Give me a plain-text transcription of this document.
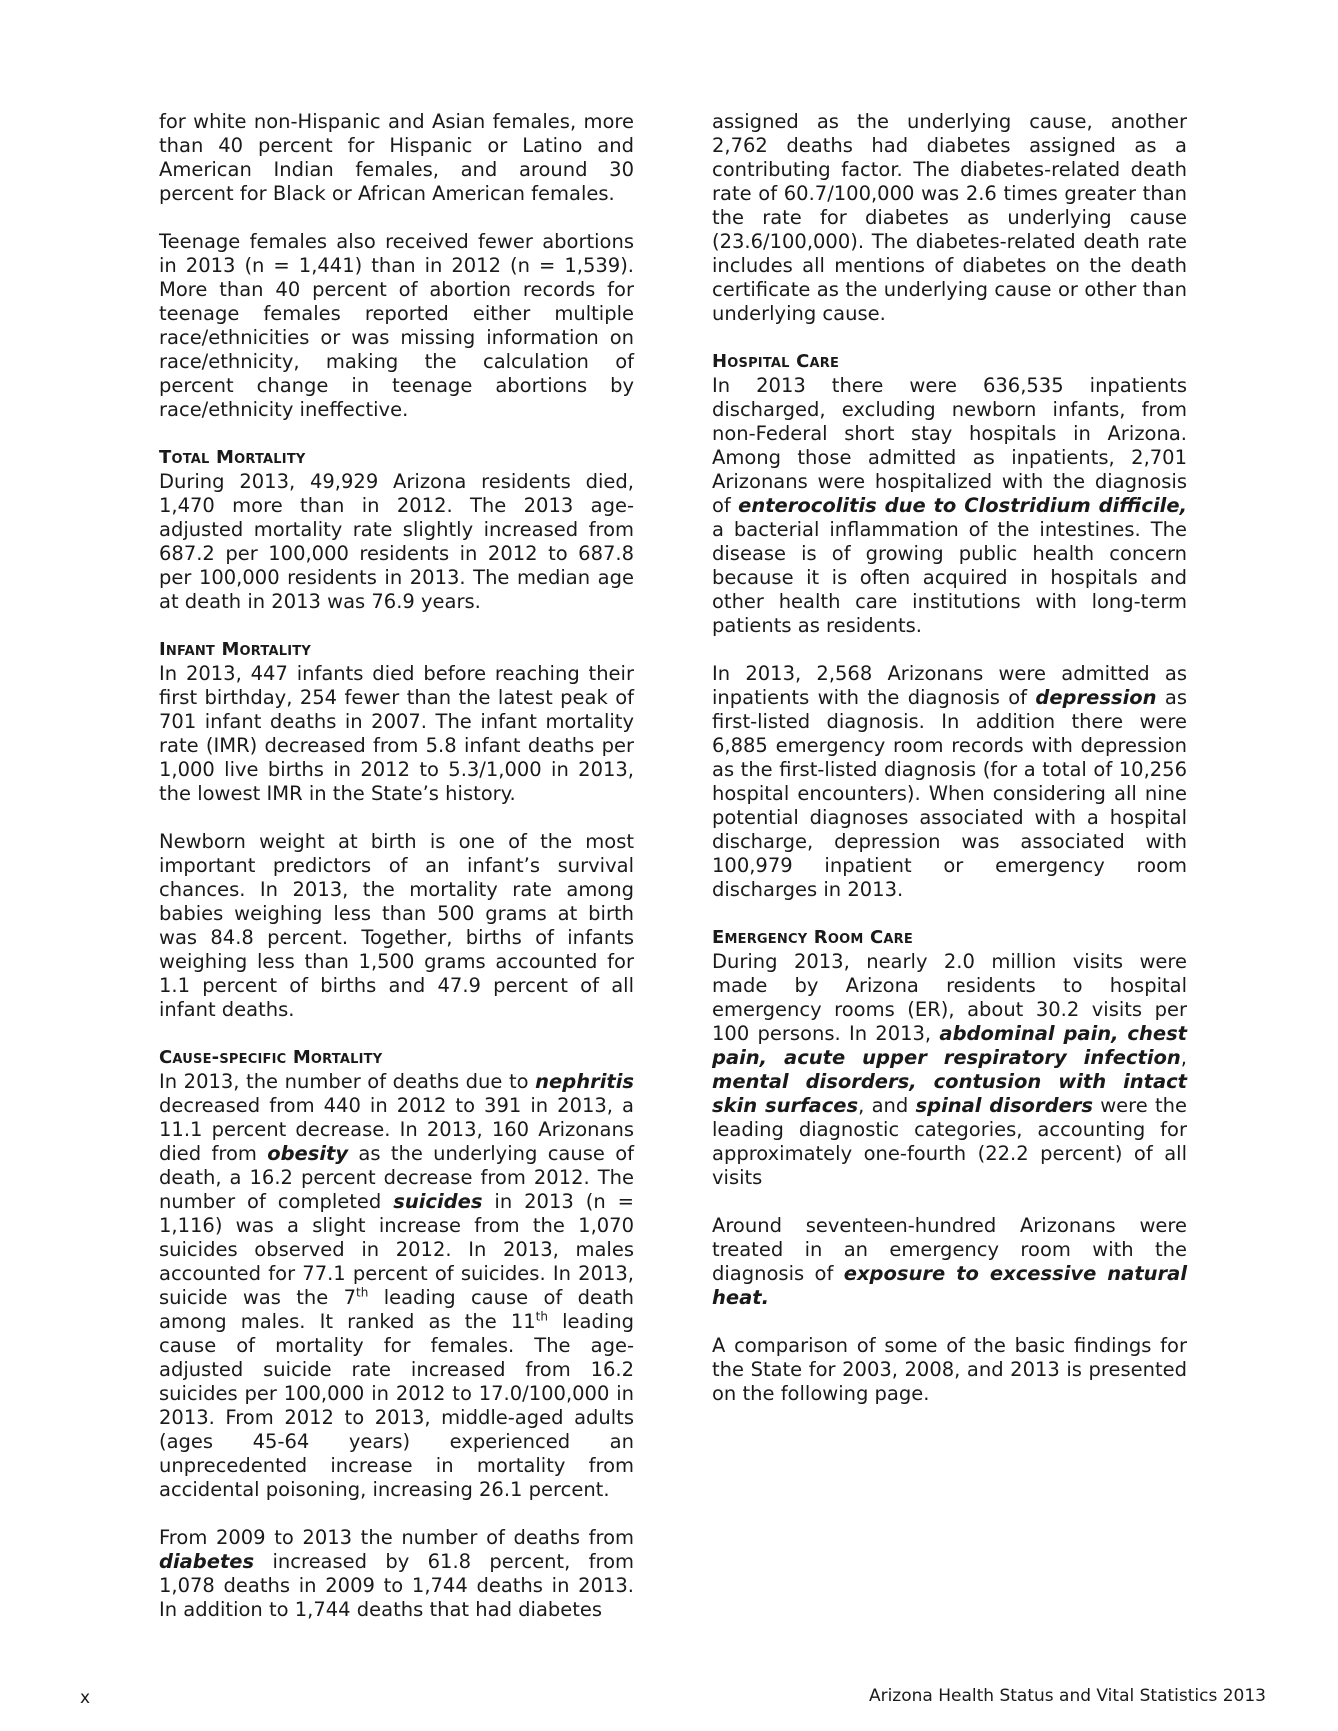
for white non-Hispanic and Asian females, more than 40 percent for Hispanic or Latino and American Indian females, and around 30 percent for Black or African American females.

Teenage females also received fewer abortions in 2013 (n = 1,441) than in 2012 (n = 1,539). More than 40 percent of abortion records for teenage females reported either multiple race/ethnicities or was missing information on race/ethnicity, making the calculation of percent change in teenage abortions by race/ethnicity ineffective.

Total Mortality

During 2013, 49,929 Arizona residents died, 1,470 more than in 2012. The 2013 age-adjusted mortality rate slightly increased from 687.2 per 100,000 residents in 2012 to 687.8 per 100,000 residents in 2013. The median age at death in 2013 was 76.9 years.

Infant Mortality

In 2013, 447 infants died before reaching their first birthday, 254 fewer than the latest peak of 701 infant deaths in 2007. The infant mortality rate (IMR) decreased from 5.8 infant deaths per 1,000 live births in 2012 to 5.3/1,000 in 2013, the lowest IMR in the State’s history.

Newborn weight at birth is one of the most important predictors of an infant’s survival chances. In 2013, the mortality rate among babies weighing less than 500 grams at birth was 84.8 percent. Together, births of infants weighing less than 1,500 grams accounted for 1.1 percent of births and 47.9 percent of all infant deaths.

Cause-specific Mortality

In 2013, the number of deaths due to nephritis decreased from 440 in 2012 to 391 in 2013, a 11.1 percent decrease. In 2013, 160 Arizonans died from obesity as the underlying cause of death, a 16.2 percent decrease from 2012. The number of completed suicides in 2013 (n = 1,116) was a slight increase from the 1,070 suicides observed in 2012. In 2013, males accounted for 77.1 percent of suicides. In 2013, suicide was the 7th leading cause of death among males. It ranked as the 11th leading cause of mortality for females. The age-adjusted suicide rate increased from 16.2 suicides per 100,000 in 2012 to 17.0/100,000 in 2013. From 2012 to 2013, middle-aged adults (ages 45-64 years) experienced an unprecedented increase in mortality from accidental poisoning, increasing 26.1 percent.

From 2009 to 2013 the number of deaths from diabetes increased by 61.8 percent, from 1,078 deaths in 2009 to 1,744 deaths in 2013. In addition to 1,744 deaths that had diabetes

assigned as the underlying cause, another 2,762 deaths had diabetes assigned as a contributing factor. The diabetes-related death rate of 60.7/100,000 was 2.6 times greater than the rate for diabetes as underlying cause (23.6/100,000). The diabetes-related death rate includes all mentions of diabetes on the death certificate as the underlying cause or other than underlying cause.

Hospital Care

In 2013 there were 636,535 inpatients discharged, excluding newborn infants, from non-Federal short stay hospitals in Arizona. Among those admitted as inpatients, 2,701 Arizonans were hospitalized with the diagnosis of enterocolitis due to Clostridium difficile, a bacterial inflammation of the intestines. The disease is of growing public health concern because it is often acquired in hospitals and other health care institutions with long-term patients as residents.

In 2013, 2,568 Arizonans were admitted as inpatients with the diagnosis of depression as first-listed diagnosis. In addition there were 6,885 emergency room records with depression as the first-listed diagnosis (for a total of 10,256 hospital encounters). When considering all nine potential diagnoses associated with a hospital discharge, depression was associated with 100,979 inpatient or emergency room discharges in 2013.

Emergency Room Care

During 2013, nearly 2.0 million visits were made by Arizona residents to hospital emergency rooms (ER), about 30.2 visits per 100 persons. In 2013, abdominal pain, chest pain, acute upper respiratory infection, mental disorders, contusion with intact skin surfaces, and spinal disorders were the leading diagnostic categories, accounting for approximately one-fourth (22.2 percent) of all visits

Around seventeen-hundred Arizonans were treated in an emergency room with the diagnosis of exposure to excessive natural heat.

A comparison of some of the basic findings for the State for 2003, 2008, and 2013 is presented on the following page.

x	Arizona Health Status and Vital Statistics 2013
